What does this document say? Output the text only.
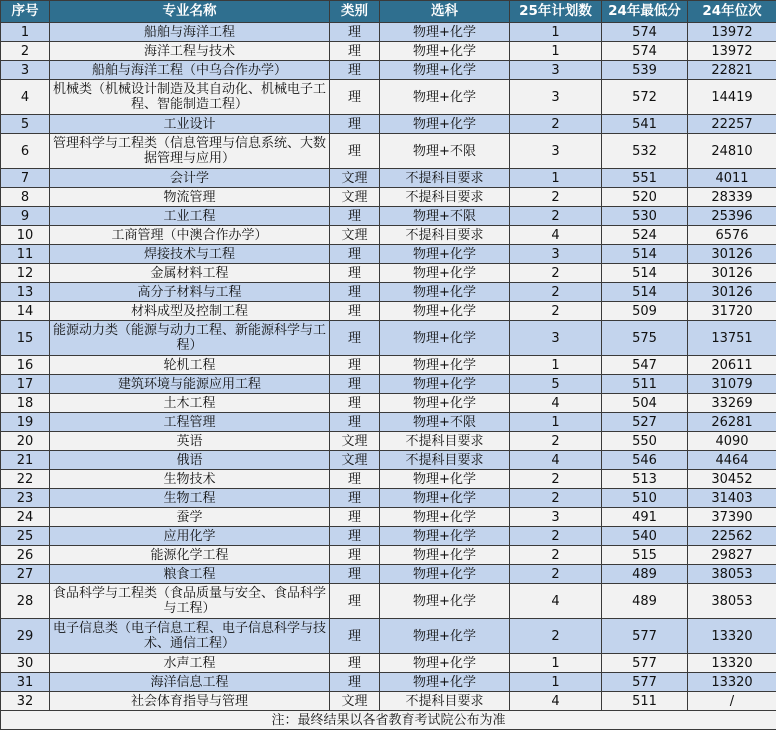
序号	专业名称	类别	选科	25年计划数	24年最低分	24年位次
1	船舶与海洋工程	理	物理+化学	1	574	13972
2	海洋工程与技术	理	物理+化学	1	574	13972
3	船舶与海洋工程（中乌合作办学）	理	物理+化学	3	539	22821
4	机械类（机械设计制造及其自动化、机械电子工程、智能制造工程）	理	物理+化学	3	572	14419
5	工业设计	理	物理+化学	2	541	22257
6	管理科学与工程类（信息管理与信息系统、大数据管理与应用）	理	物理+不限	3	532	24810
7	会计学	文理	不提科目要求	1	551	4011
8	物流管理	文理	不提科目要求	2	520	28339
9	工业工程	理	物理+不限	2	530	25396
10	工商管理（中澳合作办学）	文理	不提科目要求	4	524	6576
11	焊接技术与工程	理	物理+化学	3	514	30126
12	金属材料工程	理	物理+化学	2	514	30126
13	高分子材料与工程	理	物理+化学	2	514	30126
14	材料成型及控制工程	理	物理+化学	2	509	31720
15	能源动力类（能源与动力工程、新能源科学与工程）	理	物理+化学	3	575	13751
16	轮机工程	理	物理+化学	1	547	20611
17	建筑环境与能源应用工程	理	物理+化学	5	511	31079
18	土木工程	理	物理+化学	4	504	33269
19	工程管理	理	物理+不限	1	527	26281
20	英语	文理	不提科目要求	2	550	4090
21	俄语	文理	不提科目要求	4	546	4464
22	生物技术	理	物理+化学	2	513	30452
23	生物工程	理	物理+化学	2	510	31403
24	蚕学	理	物理+化学	3	491	37390
25	应用化学	理	物理+化学	2	540	22562
26	能源化学工程	理	物理+化学	2	515	29827
27	粮食工程	理	物理+化学	2	489	38053
28	食品科学与工程类（食品质量与安全、食品科学与工程）	理	物理+化学	4	489	38053
29	电子信息类（电子信息工程、电子信息科学与技术、通信工程）	理	物理+化学	2	577	13320
30	水声工程	理	物理+化学	1	577	13320
31	海洋信息工程	理	物理+化学	1	577	13320
32	社会体育指导与管理	文理	不提科目要求	4	511	/
注：最终结果以各省教育考试院公布为准						
